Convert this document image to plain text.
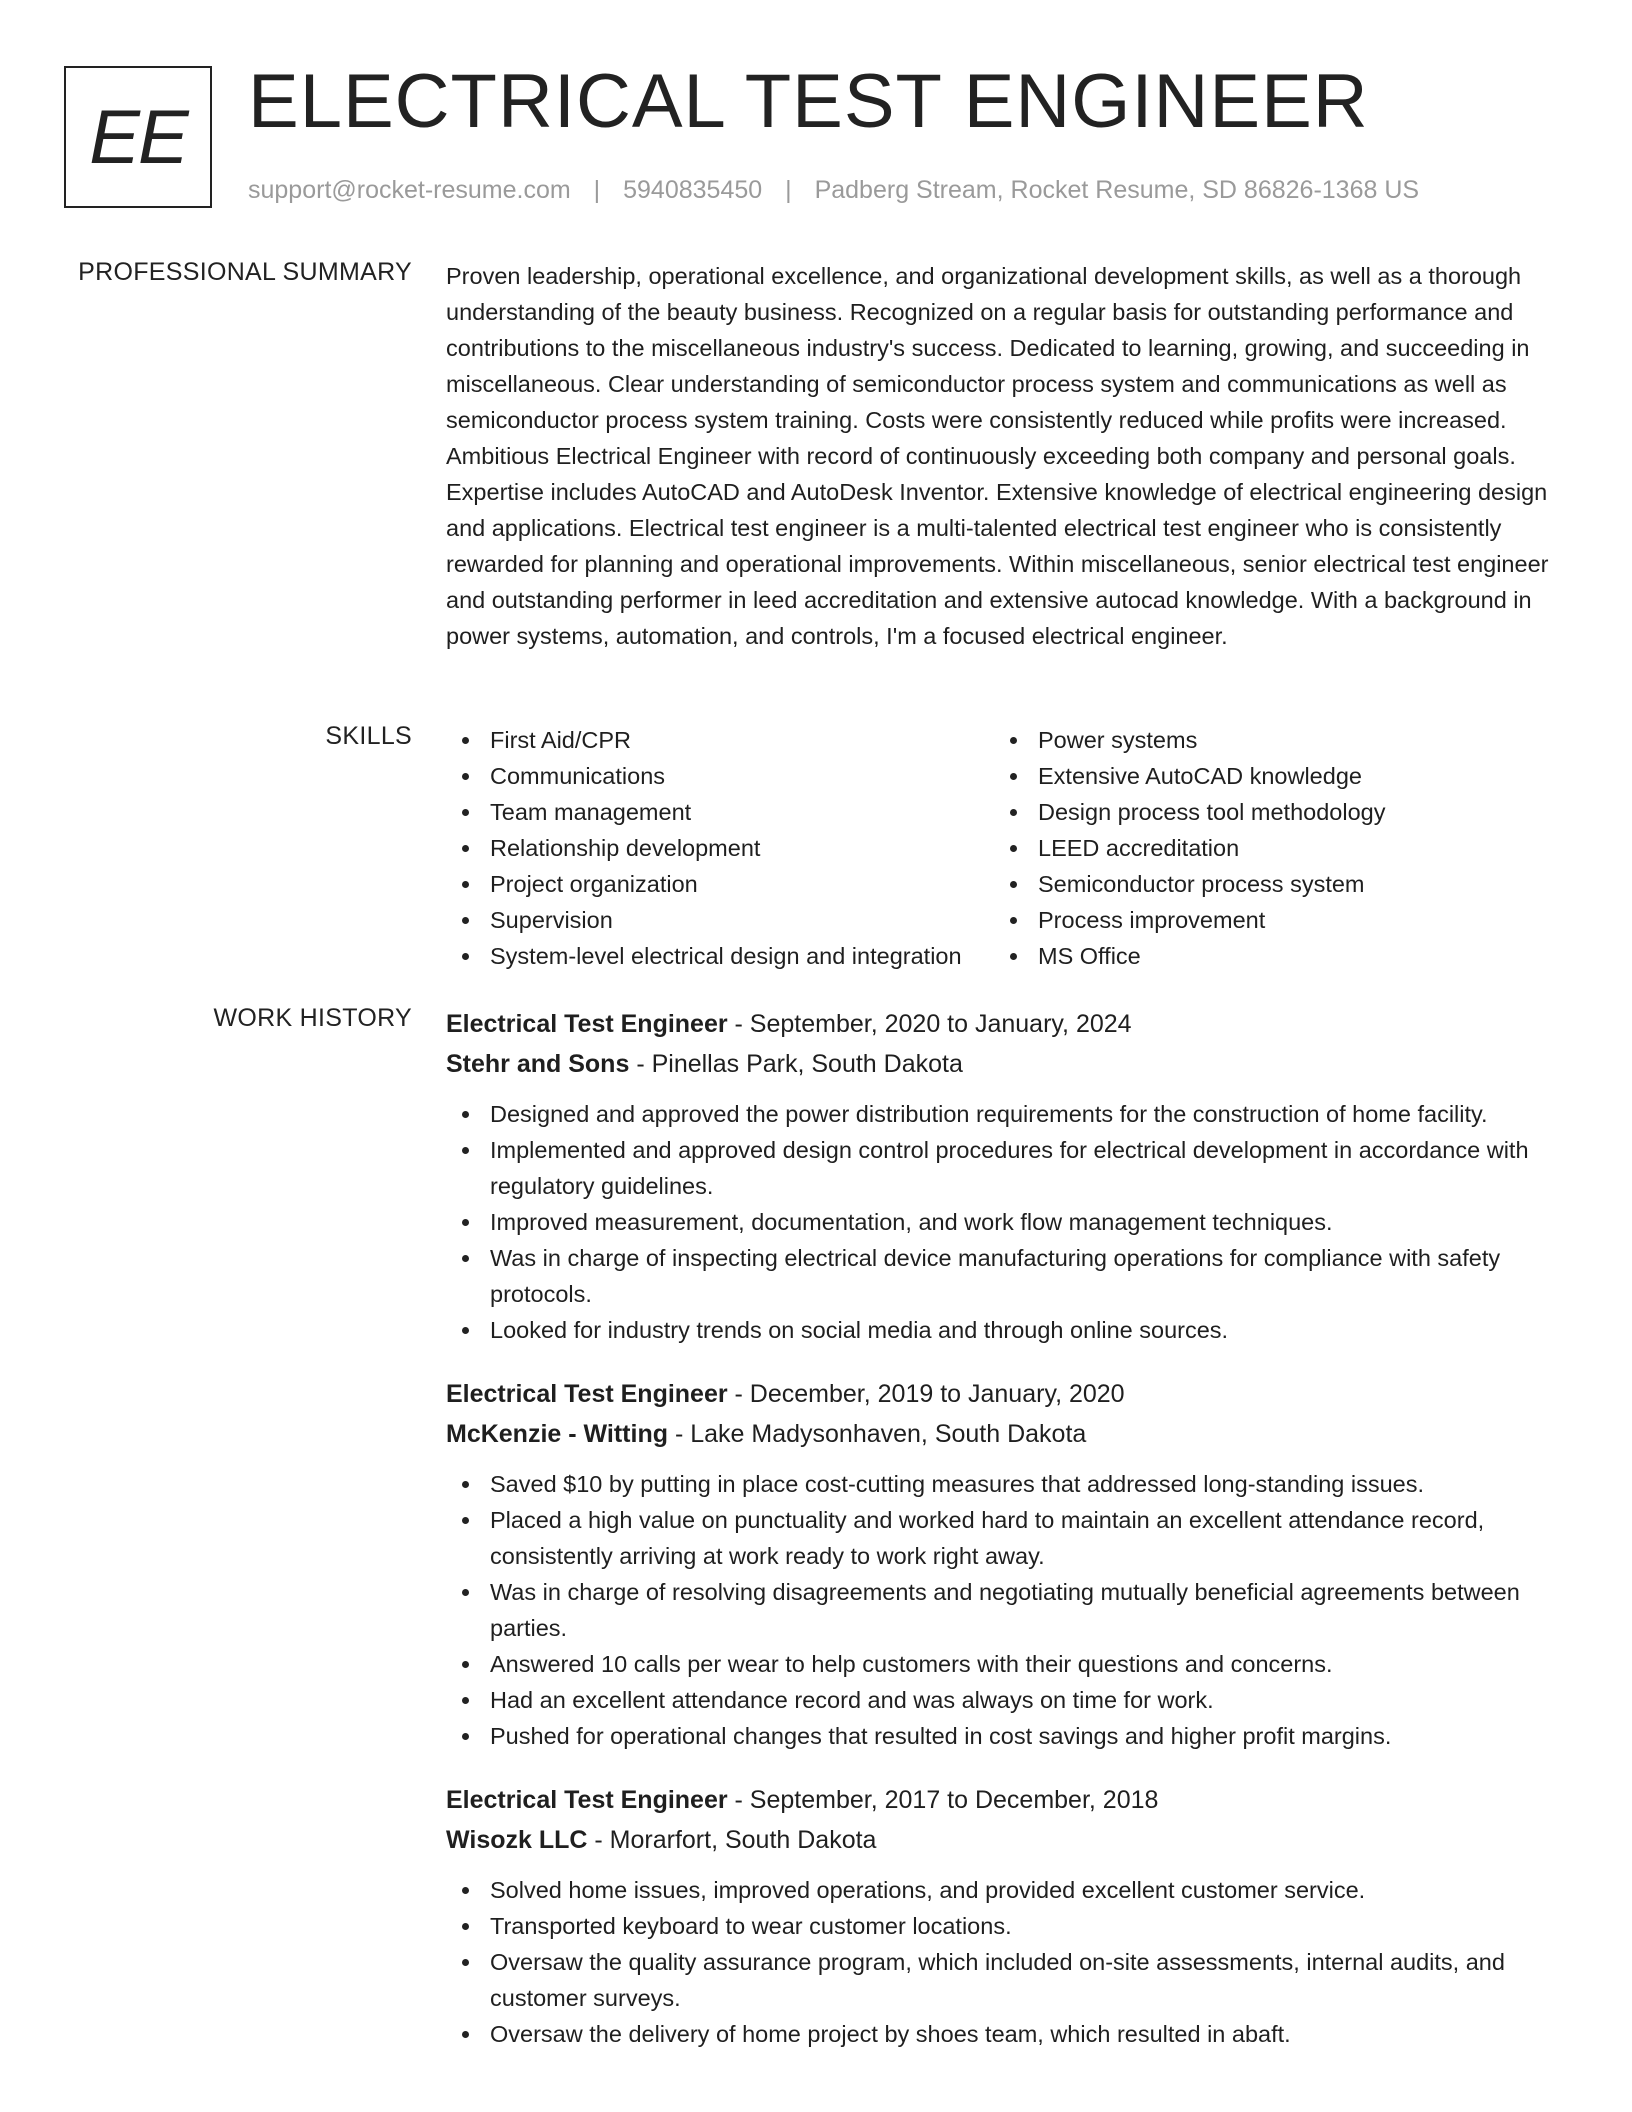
EE ELECTRICAL TEST ENGINEER
support@rocket-resume.com | 5940835450 | Padberg Stream, Rocket Resume, SD 86826-1368 US
PROFESSIONAL SUMMARY Proven leadership, operational excellence, and organizational development skills, as well as a thorough understanding of the beauty business. Recognized on a regular basis for outstanding performance and contributions to the miscellaneous industry's success. Dedicated to learning, growing, and succeeding in miscellaneous. Clear understanding of semiconductor process system and communications as well as semiconductor process system training. Costs were consistently reduced while profits were increased. Ambitious Electrical Engineer with record of continuously exceeding both company and personal goals. Expertise includes AutoCAD and AutoDesk Inventor. Extensive knowledge of electrical engineering design and applications. Electrical test engineer is a multi-talented electrical test engineer who is consistently rewarded for planning and operational improvements. Within miscellaneous, senior electrical test engineer and outstanding performer in leed accreditation and extensive autocad knowledge. With a background in power systems, automation, and controls, I'm a focused electrical engineer.

SKILLS	First Aid/CPR
Communications
Team management
Relationship development
Project organization
Supervision
System-level electrical design and integration
Power systems
Extensive AutoCAD knowledge
Design process tool methodology
LEED accreditation
Semiconductor process system
Process improvement
MS Office
WORK HISTORY Electrical Test Engineer - September, 2020 to January, 2024
Stehr and Sons - Pinellas Park, South Dakota
Designed and approved the power distribution requirements for the construction of home facility.
Implemented and approved design control procedures for electrical development in accordance with regulatory guidelines.
Improved measurement, documentation, and work flow management techniques.
Was in charge of inspecting electrical device manufacturing operations for compliance with safety protocols.
Looked for industry trends on social media and through online sources.
Electrical Test Engineer - December, 2019 to January, 2020
McKenzie - Witting - Lake Madysonhaven, South Dakota
Saved $10 by putting in place cost-cutting measures that addressed long-standing issues.
Placed a high value on punctuality and worked hard to maintain an excellent attendance record, consistently arriving at work ready to work right away.
Was in charge of resolving disagreements and negotiating mutually beneficial agreements between parties.
Answered 10 calls per wear to help customers with their questions and concerns.
Had an excellent attendance record and was always on time for work.
Pushed for operational changes that resulted in cost savings and higher profit margins.
Electrical Test Engineer - September, 2017 to December, 2018
Wisozk LLC - Morarfort, South Dakota
Solved home issues, improved operations, and provided excellent customer service.
Transported keyboard to wear customer locations.
Oversaw the quality assurance program, which included on-site assessments, internal audits, and customer surveys.
Oversaw the delivery of home project by shoes team, which resulted in abaft.
